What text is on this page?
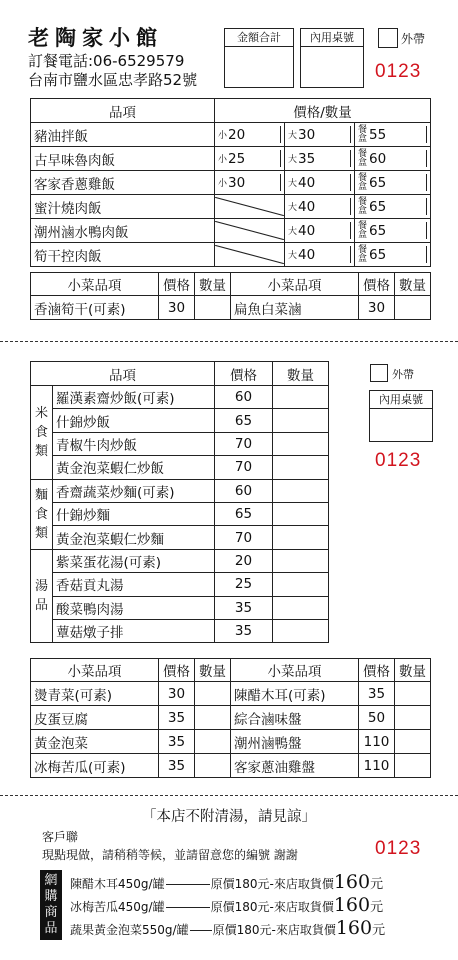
老陶家小館
訂餐電話:06-6529579
台南市鹽水區忠孝路52號
金額合計	內用桌號	外帶
0123
品項	價格/數量		
豬油拌飯	小20	大30	餐盒 55

古早味魯肉飯	小25	大35	餐盒 60

客家香蔥雞飯	小30	大40	餐盒 65

蜜汁燒肉飯		大40	餐盒 65

潮州滷水鴨肉飯		大40	餐盒 65

筍干控肉飯		大40	餐盒 65
小菜品項	價格	數量	小菜品項	價格	數量
香滷筍干(可素)	30		扁魚白菜滷	30	
品項		價格	數量
米食類	羅漢素齋炒飯(可素)	60	
	什錦炒飯	65	
	青椒牛肉炒飯	70	
	黃金泡菜蝦仁炒飯	70	
麵食類	香齋蔬菜炒麵(可素)	60	
	什錦炒麵	65	
	黃金泡菜蝦仁炒麵	70	
湯品	紫菜蛋花湯(可素)	20	
	香菇貢丸湯	25	
	酸菜鴨肉湯	35	
	蕈菇燉子排	35	
外帶
內用桌號
0123
小菜品項	價格	數量	小菜品項	價格	數量
燙青菜(可素)	30		陳醋木耳(可素)	35	
皮蛋豆腐	35		綜合滷味盤	50	
黃金泡菜	35		潮州滷鴨盤	110	
冰梅苦瓜(可素)	35		客家蔥油雞盤	110	
「本店不附清湯，請見諒」
客戶聯
現點現做，請稍稍等候，並請留意您的編號 謝謝	0123
網購商品
陳醋木耳450g/罐	原價180元-來店取貨價160元
冰梅苦瓜450g/罐	原價180元-來店取貨價160元
蔬果黃金泡菜550g/罐 原價180元-來店取貨價160元
